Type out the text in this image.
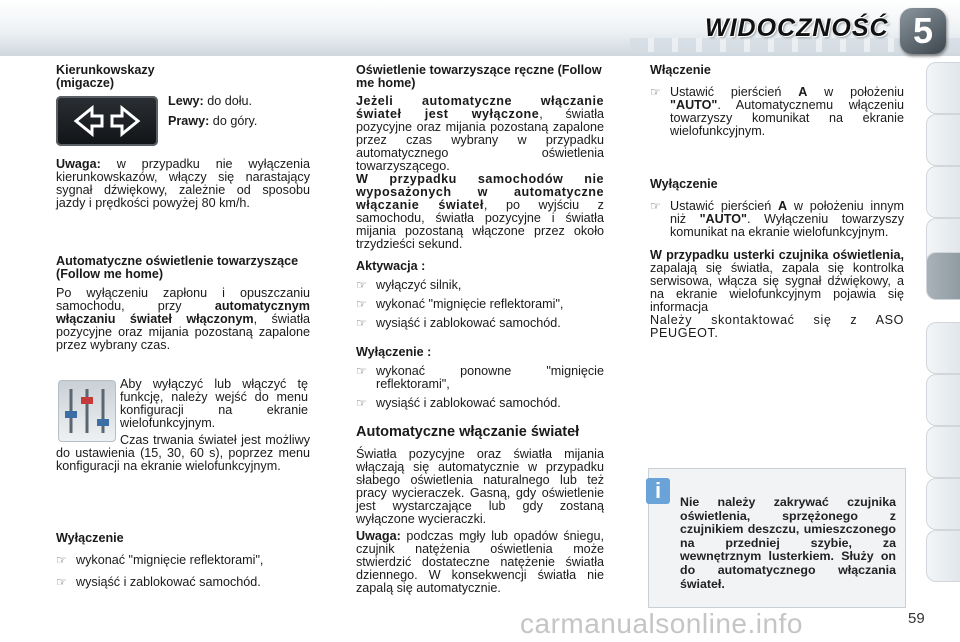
WIDOCZNOŚĆ 5

Kierunkowskazy (migacze)

Lewy: do dołu.

Prawy: do góry.

Uwaga: w przypadku nie wyłączenia kierunkowskazów, włączy się narastający sygnał dźwiękowy, zależnie od sposobu jazdy i prędkości powyżej 80 km/h.

Automatyczne oświetlenie towarzyszące (Follow me home)

Po wyłączeniu zapłonu i opuszczaniu samochodu, przy automatycznym włączaniu świateł włączonym, światła pozycyjne oraz mijania pozostaną zapalone przez wybrany czas.

Aby wyłączyć lub włączyć tę funkcję, należy wejść do menu konfiguracji na ekranie wielofunkcyjnym.

Czas trwania świateł jest możliwy do ustawienia (15, 30, 60 s), poprzez menu konfiguracji na ekranie wielofunkcyjnym.

Wyłączenie

☞ wykonać "mignięcie reflektorami",

☞ wysiąść i zablokować samochód.

Oświetlenie towarzyszące ręczne (Follow me home)

Jeżeli automatyczne włączanie świateł jest wyłączone, światła pozycyjne oraz mijania pozostaną zapalone przez czas wybrany w przypadku automatycznego oświetlenia towarzyszącego.

W przypadku samochodów nie wyposażonych w automatyczne włączanie świateł, po wyjściu z samochodu, światła pozycyjne i światła mijania pozostaną włączone przez około trzydzieści sekund.

Aktywacja :

☞ wyłączyć silnik,

☞ wykonać "mignięcie reflektorami",

☞ wysiąść i zablokować samochód.

Wyłączenie :

☞ wykonać ponowne "mignięcie reflektorami",

☞ wysiąść i zablokować samochód.

Automatyczne włączanie świateł

Światła pozycyjne oraz światła mijania włączają się automatycznie w przypadku słabego oświetlenia naturalnego lub też pracy wycieraczek. Gasną, gdy oświetlenie jest wystarczające lub gdy zostaną wyłączone wycieraczki.

Uwaga: podczas mgły lub opadów śniegu, czujnik natężenia oświetlenia może stwierdzić dostateczne natężenie światła dziennego. W konsekwencji światła nie zapalą się automatycznie.

Włączenie

☞ Ustawić pierścień A w położeniu "AUTO". Automatycznemu włączeniu towarzyszy komunikat na ekranie wielofunkcyjnym.

Wyłączenie

☞ Ustawić pierścień A w położeniu innym niż "AUTO". Wyłączeniu towarzyszy komunikat na ekranie wielofunkcyjnym.

W przypadku usterki czujnika oświetlenia, zapalają się światła, zapala się kontrolka serwisowa, włącza się sygnał dźwiękowy, a na ekranie wielofunkcyjnym pojawia się informacja

Należy skontaktować się z ASO PEUGEOT.

i	Nie należy zakrywać czujnika oświetlenia, sprzężonego z czujnikiem deszczu, umieszczonego na przedniej szybie, za wewnętrznym lusterkiem. Służy on do automatycznego włączania świateł.
carmanualsonline.info	59
